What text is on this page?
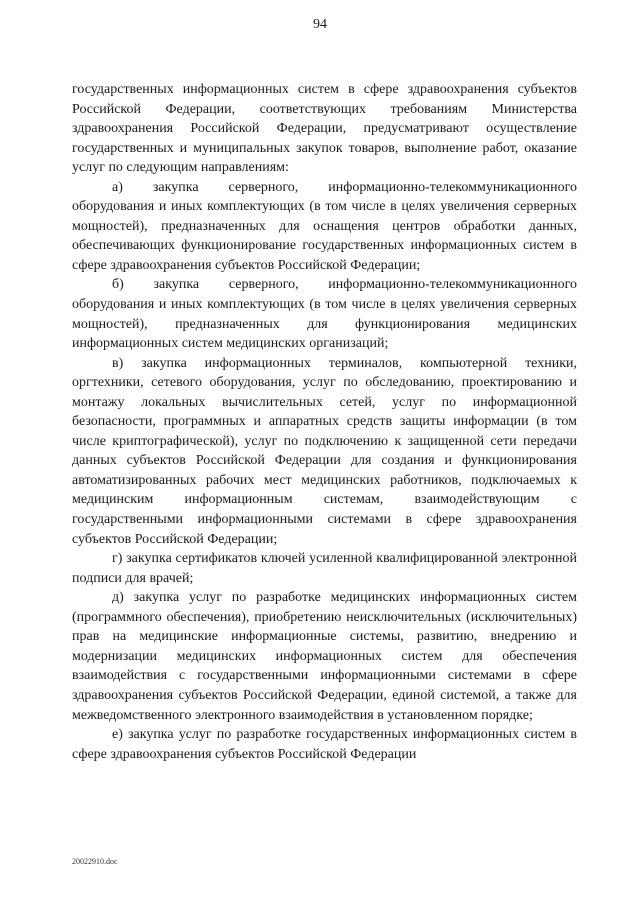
94

государственных информационных систем в сфере здравоохранения субъектов Российской Федерации, соответствующих требованиям Министерства здравоохранения Российской Федерации, предусматривают осуществление государственных и муниципальных закупок товаров, выполнение работ, оказание услуг по следующим направлениям:

а) закупка серверного, информационно-телекоммуникационного оборудования и иных комплектующих (в том числе в целях увеличения серверных мощностей), предназначенных для оснащения центров обработки данных, обеспечивающих функционирование государственных информационных систем в сфере здравоохранения субъектов Российской Федерации;

б) закупка серверного, информационно-телекоммуникационного оборудования и иных комплектующих (в том числе в целях увеличения серверных мощностей), предназначенных для функционирования медицинских информационных систем медицинских организаций;

в) закупка информационных терминалов, компьютерной техники, оргтехники, сетевого оборудования, услуг по обследованию, проектированию и монтажу локальных вычислительных сетей, услуг по информационной безопасности, программных и аппаратных средств защиты информации (в том числе криптографической), услуг по подключению к защищенной сети передачи данных субъектов Российской Федерации для создания и функционирования автоматизированных рабочих мест медицинских работников, подключаемых к медицинским информационным системам, взаимодействующим с государственными информационными системами в сфере здравоохранения субъектов Российской Федерации;

г) закупка сертификатов ключей усиленной квалифицированной электронной подписи для врачей;

д) закупка услуг по разработке медицинских информационных систем (программного обеспечения), приобретению неисключительных (исключительных) прав на медицинские информационные системы, развитию, внедрению и модернизации медицинских информационных систем для обеспечения взаимодействия с государственными информационными системами в сфере здравоохранения субъектов Российской Федерации, единой системой, а также для межведомственного электронного взаимодействия в установленном порядке;

е) закупка услуг по разработке государственных информационных систем в сфере здравоохранения субъектов Российской Федерации

20022910.doc
